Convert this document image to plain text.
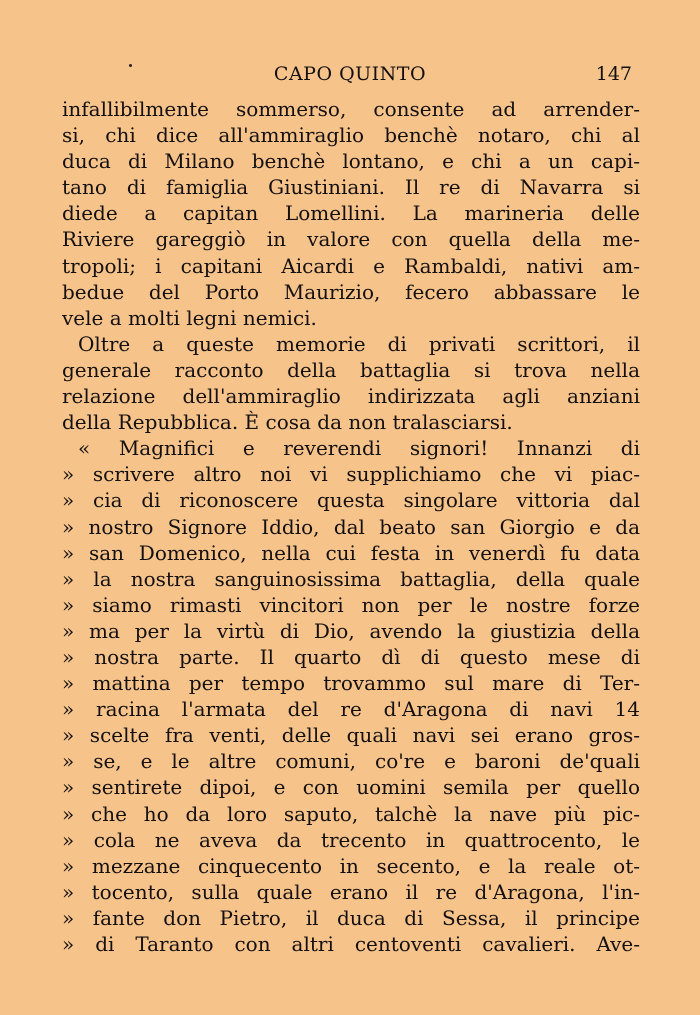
CAPO QUINTO	147
infallibilmente sommerso, consente ad arrender-
si, chi dice all'ammiraglio benchè notaro, chi al
duca di Milano benchè lontano, e chi a un capi-
tano di famiglia Giustiniani. Il re di Navarra si
diede a capitan Lomellini. La marineria delle
Riviere gareggiò in valore con quella della me-
tropoli; i capitani Aicardi e Rambaldi, nativi am-
bedue del Porto Maurizio, fecero abbassare le
vele a molti legni nemici.
Oltre a queste memorie di privati scrittori, il
generale racconto della battaglia si trova nella
relazione dell'ammiraglio indirizzata agli anziani
della Repubblica. È cosa da non tralasciarsi.
« Magnifici e reverendi signori! Innanzi di
» scrivere altro noi vi supplichiamo che vi piac-
» cia di riconoscere questa singolare vittoria dal
» nostro Signore Iddio, dal beato san Giorgio e da
» san Domenico, nella cui festa in venerdì fu data
» la nostra sanguinosissima battaglia, della quale
» siamo rimasti vincitori non per le nostre forze
» ma per la virtù di Dio, avendo la giustizia della
» nostra parte. Il quarto dì di questo mese di
» mattina per tempo trovammo sul mare di Ter-
» racina l'armata del re d'Aragona di navi 14
» scelte fra venti, delle quali navi sei erano gros-
» se, e le altre comuni, co're e baroni de'quali
» sentirete dipoi, e con uomini semila per quello
» che ho da loro saputo, talchè la nave più pic-
» cola ne aveva da trecento in quattrocento, le
» mezzane cinquecento in secento, e la reale ot-
» tocento, sulla quale erano il re d'Aragona, l'in-
» fante don Pietro, il duca di Sessa, il principe
» di Taranto con altri centoventi cavalieri. Ave-
